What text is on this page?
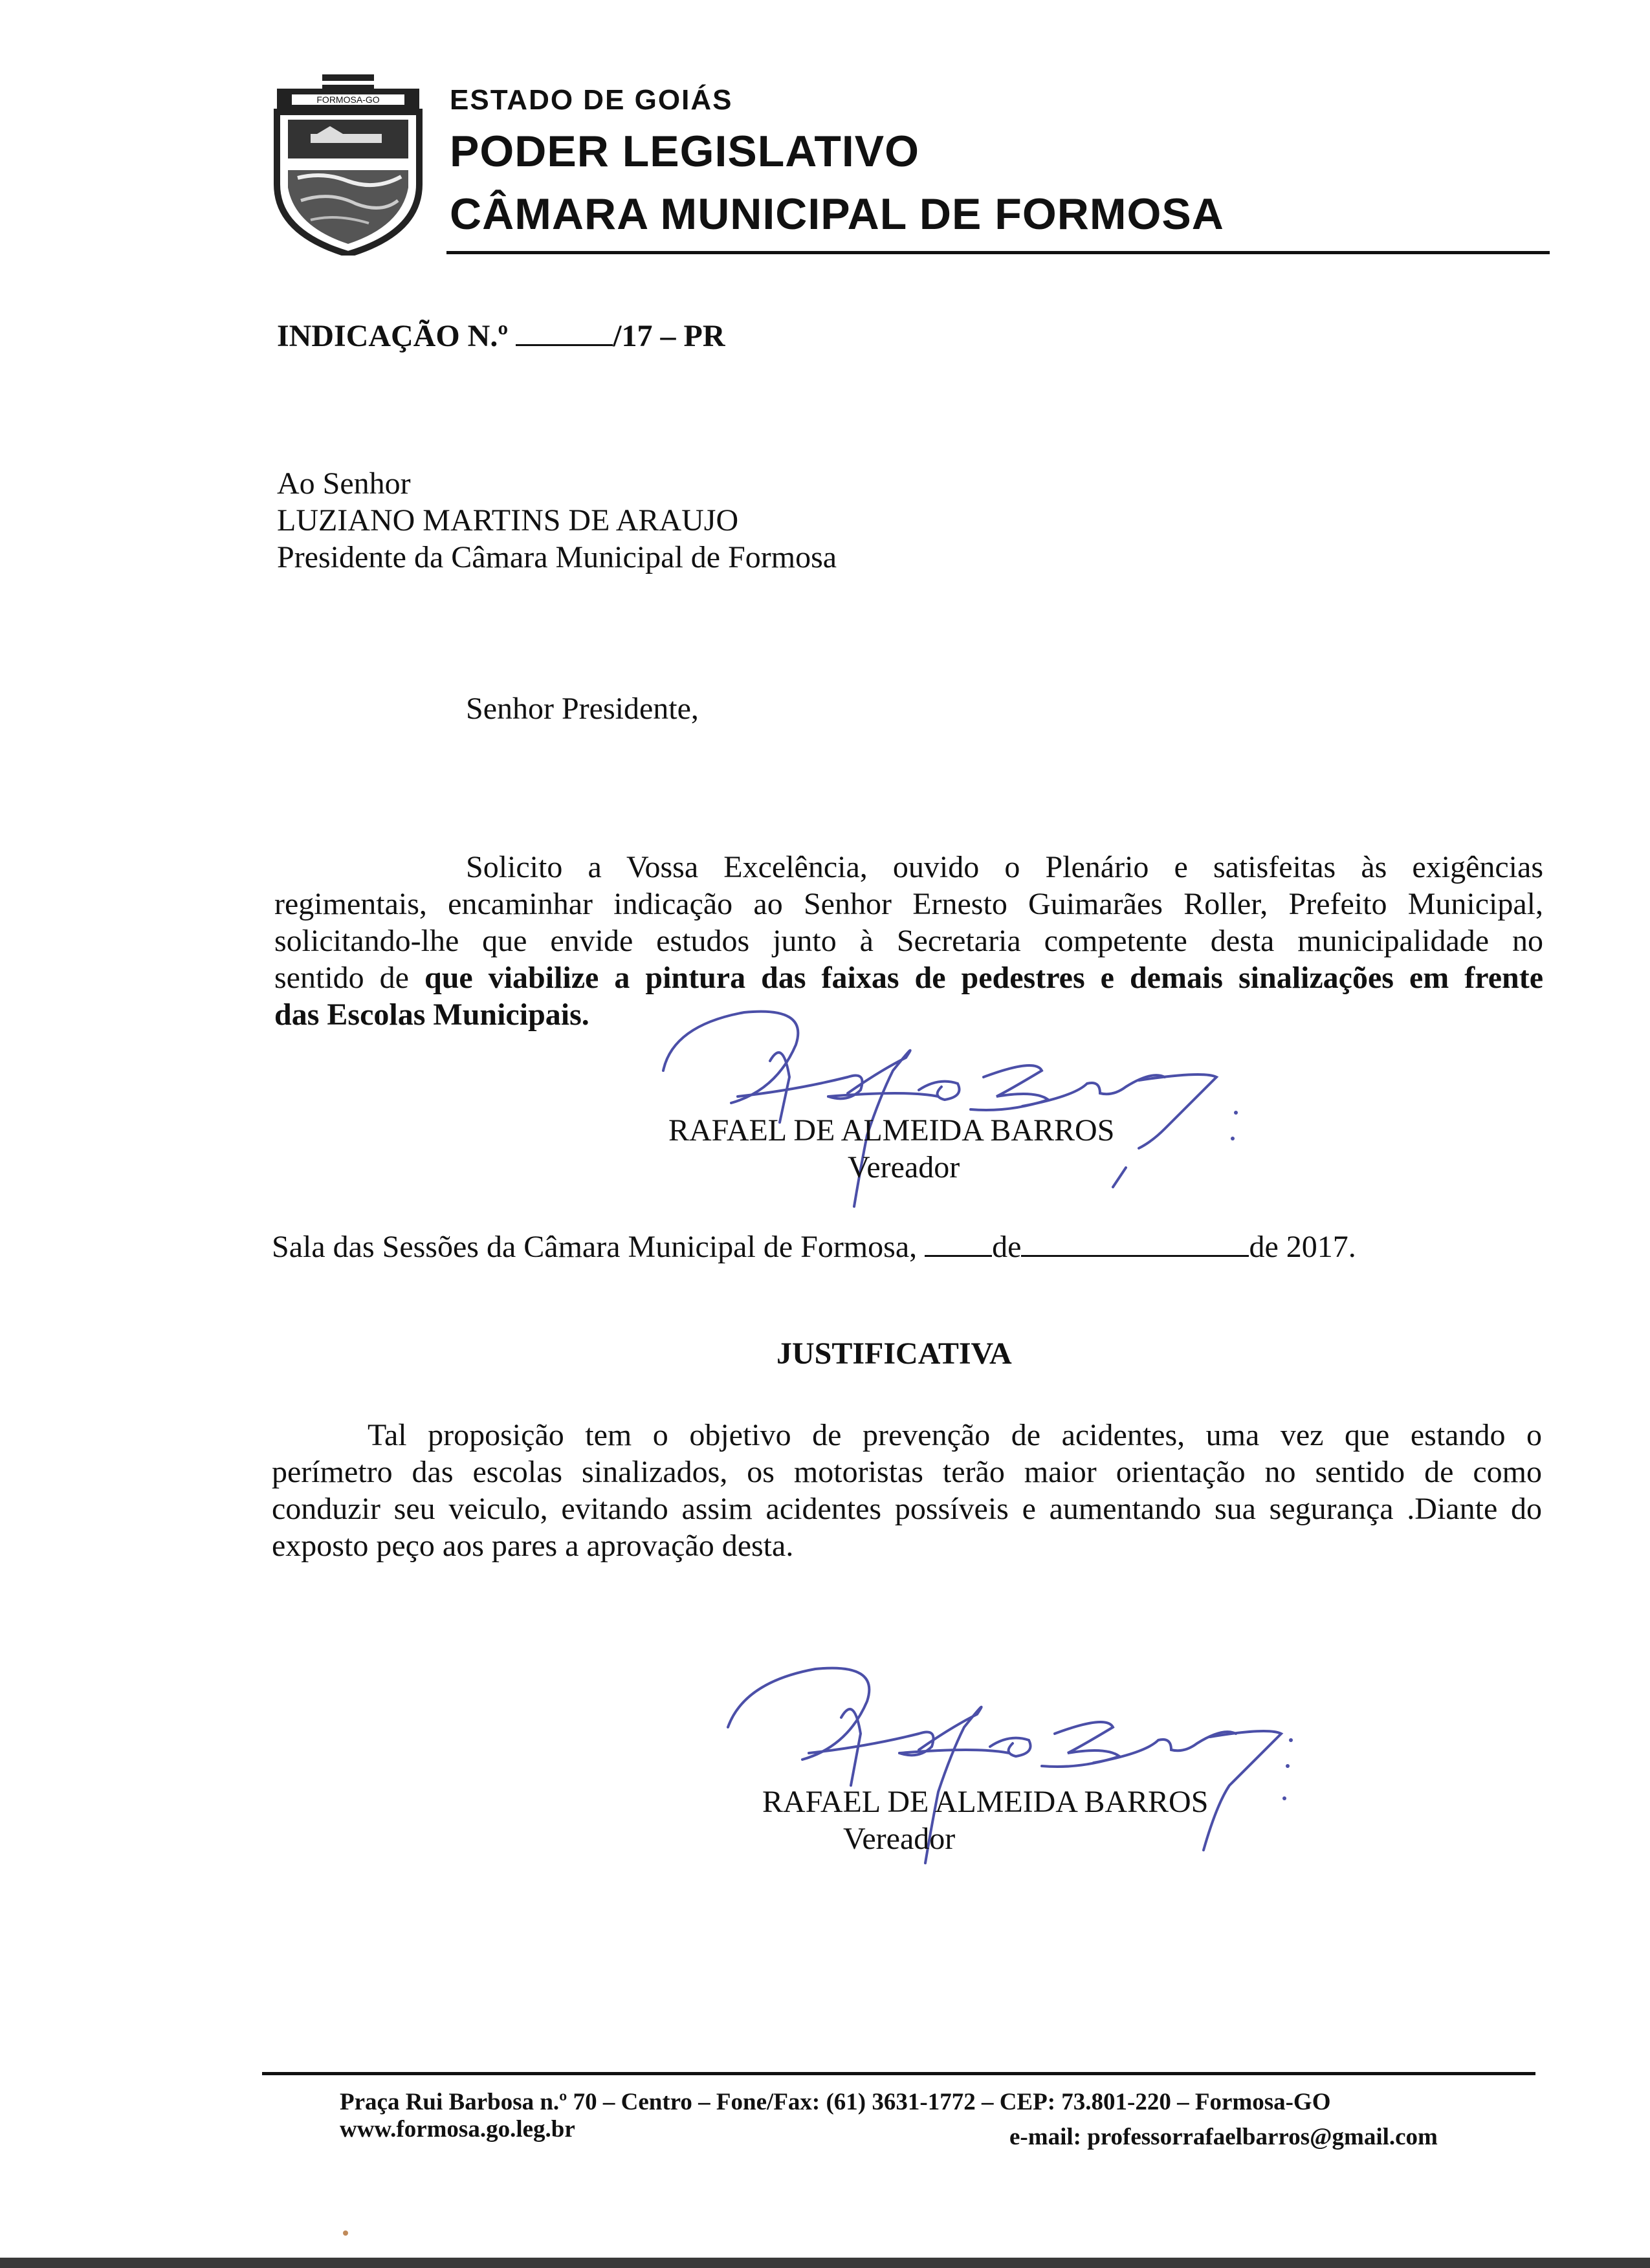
FORMOSA-GO ESTADO DE GOIÁS
PODER LEGISLATIVO
CÂMARA MUNICIPAL DE FORMOSA
INDICAÇÃO N.º	/17 – PR
Ao Senhor
LUZIANO MARTINS DE ARAUJO
Presidente da Câmara Municipal de Formosa
Senhor Presidente,
Solicito a Vossa Excelência, ouvido o Plenário e satisfeitas às exigências
regimentais, encaminhar indicação ao Senhor Ernesto Guimarães Roller, Prefeito Municipal,
solicitando-lhe que envide estudos junto à Secretaria competente desta municipalidade no
sentido de que viabilize a pintura das faixas de pedestres e demais sinalizações em frente
das Escolas Municipais.
RAFAEL DE ALMEIDA BARROS
Vereador
Sala das Sessões da Câmara Municipal de Formosa, de	de 2017.
JUSTIFICATIVA
Tal proposição tem o objetivo de prevenção de acidentes, uma vez que estando o
perímetro das escolas sinalizados, os motoristas terão maior orientação no sentido de como
conduzir seu veiculo, evitando assim acidentes possíveis e aumentando sua segurança .Diante do
exposto peço aos pares a aprovação desta.
RAFAEL DE ALMEIDA BARROS
Vereador
Praça Rui Barbosa n.º 70 – Centro – Fone/Fax: (61) 3631-1772 – CEP: 73.801-220 – Formosa-GO
www.formosa.go.leg.br	e-mail: professorrafaelbarros@gmail.com
